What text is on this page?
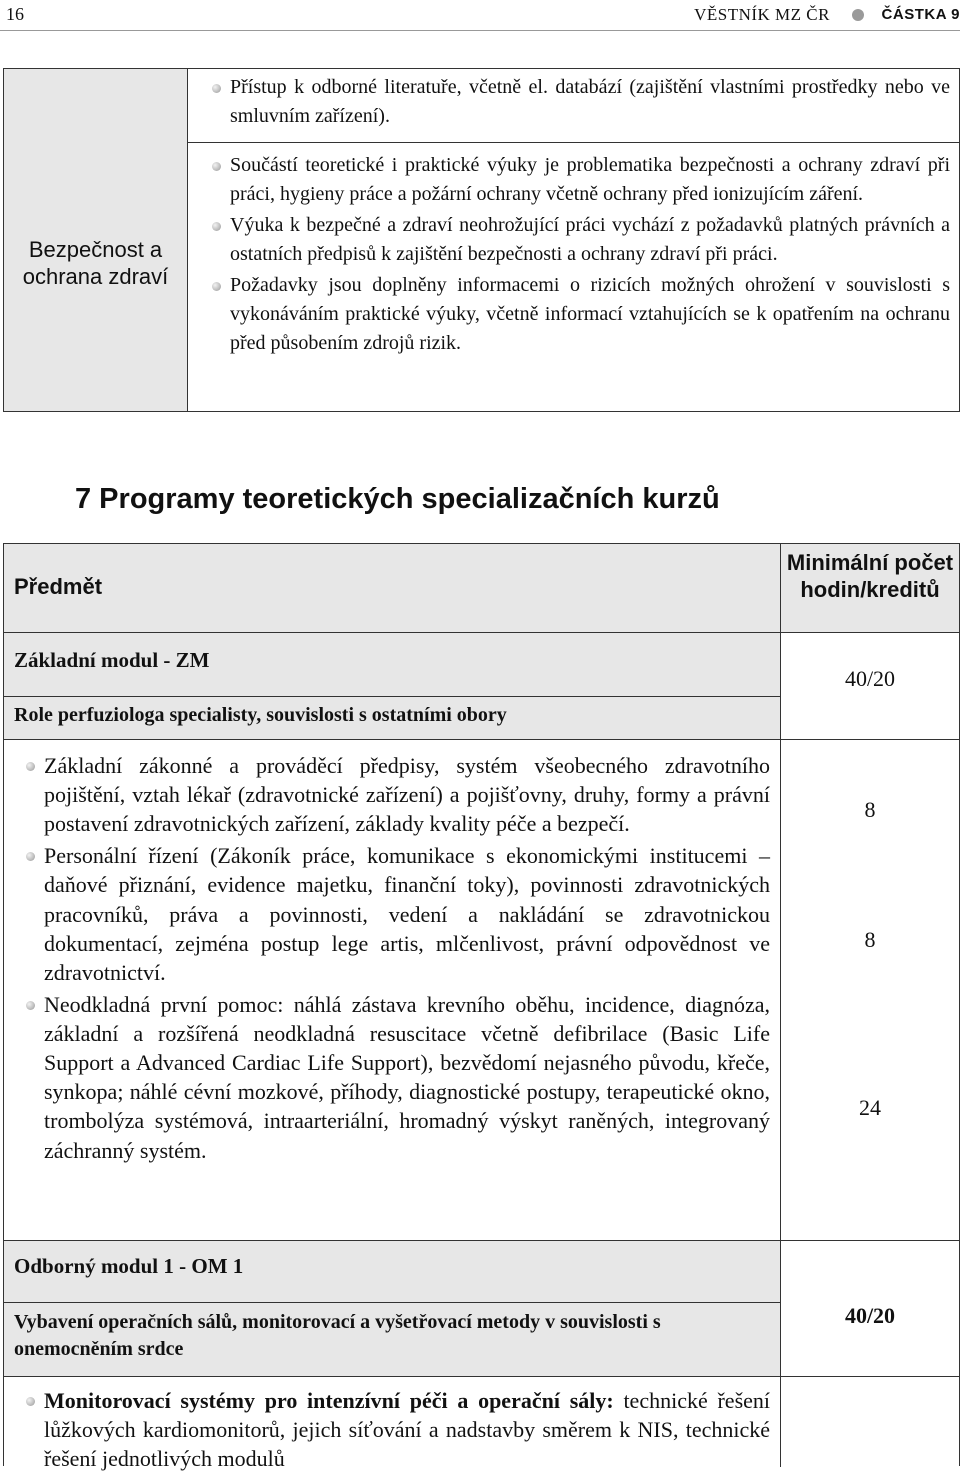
16	VĚSTNÍK MZ ČR	ČÁSTKA 9
Bezpečnost a ochrana zdraví
Přístup k odborné literatuře, včetně el. databází (zajištění vlastními prostředky nebo ve smluvním zařízení).
Součástí teoretické i praktické výuky je problematika bezpečnosti a ochrany zdraví při práci, hygieny práce a požární ochrany včetně ochrany před ionizujícím záření.
Výuka k bezpečné a zdraví neohrožující práci vychází z požadavků platných právních a ostatních předpisů k zajištění bezpečnosti a ochrany zdraví při práci.
Požadavky jsou doplněny informacemi o rizicích možných ohrožení v souvislosti s vykonáváním praktické výuky, včetně informací vztahujících se k opatřením na ochranu před působením zdrojů rizik.
7 Programy teoretických specializačních kurzů
Předmět
Minimální počet hodin/kreditů
Základní modul - ZM
Role perfuziologa specialisty, souvislosti s ostatními obory
40/20
Základní zákonné a prováděcí předpisy, systém všeobecného zdravotního pojištění, vztah lékař (zdravotnické zařízení) a pojišťovny, druhy, formy a právní postavení zdravotnických zařízení, základy kvality péče a bezpečí.
Personální řízení (Zákoník práce, komunikace s ekonomickými institucemi – daňové přiznání, evidence majetku, finanční toky), povinnosti zdravotnických pracovníků, práva a povinnosti, vedení a nakládání se zdravotnickou dokumentací, zejména postup lege artis, mlčenlivost, právní odpovědnost ve zdravotnictví.
Neodkladná první pomoc: náhlá zástava krevního oběhu, incidence, diagnóza, základní a rozšířená neodkladná resuscitace včetně defibrilace (Basic Life Support a Advanced Cardiac Life Support), bezvědomí nejasného původu, křeče, synkopa; náhlé cévní mozkové, příhody, diagnostické postupy, terapeutické okno, trombolýza systémová, intraarteriální, hromadný výskyt raněných, integrovaný záchranný systém.
8
8
24
Odborný modul 1 - OM 1
Vybavení operačních sálů, monitorovací a vyšetřovací metody v souvislosti s onemocněním srdce
40/20
Monitorovací systémy pro intenzívní péči a operační sály: technické řešení lůžkových kardiomonitorů, jejich síťování a nadstavby směrem k NIS, technické řešení jednotlivých modulů
